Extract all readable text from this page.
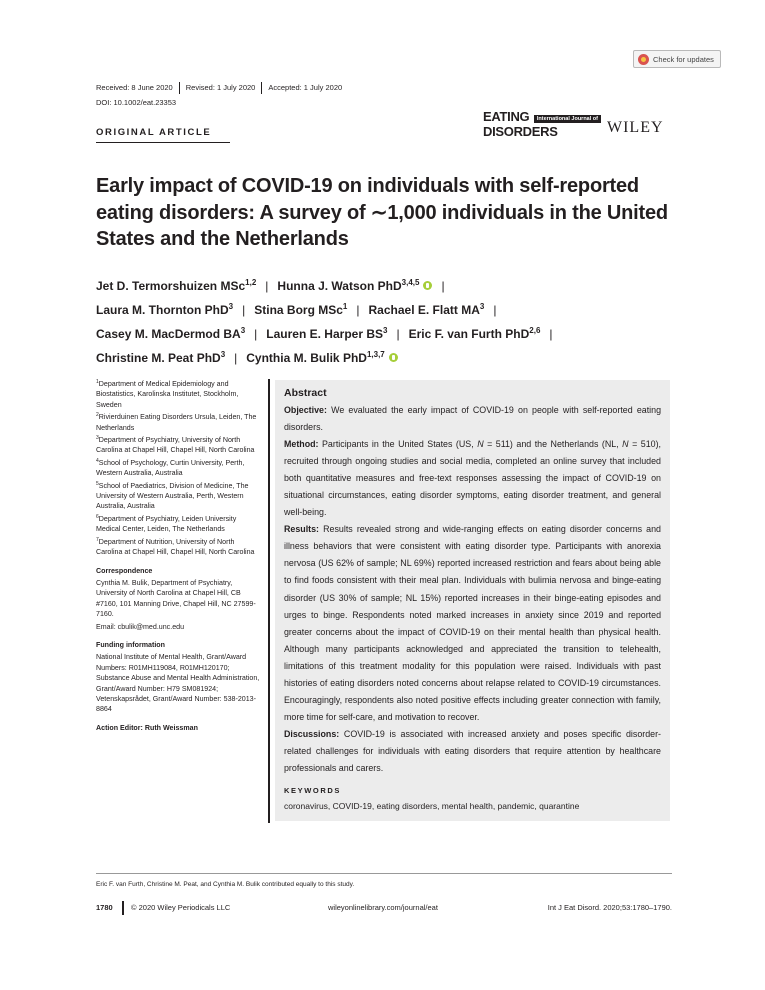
Check for updates
Received: 8 June 2020	Revised: 1 July 2020	Accepted: 1 July 2020
DOI: 10.1002/eat.23353
ORIGINAL ARTICLE
International Journal of
EATING DISORDERS	WILEY
Early impact of COVID-19 on individuals with self-reported eating disorders: A survey of ∼1,000 individuals in the United States and the Netherlands
Jet D. Termorshuizen MSc$^{1,2}$ | Hunna J. Watson PhD$^{3,4,5}$ |
Laura M. Thornton PhD$^3$ | Stina Borg MSc$^1$ | Rachael E. Flatt $MA^3$ |
Casey M. MacDermod $BA^3$ | Lauren E. Harper $BS^3$ | Eric F. van Furth PhD$^{2,6}$ |
Christine M. Peat PhD$^3$ | Cynthia M. Bulik PhD$^{1,3,7}$

$^1$Department of Medical Epidemiology and Biostatistics, Karolinska Institutet, Stockholm, Sweden

$^2$Rivierduinen Eating Disorders Ursula, Leiden, The Netherlands

$^3$Department of Psychiatry, University of North Carolina at Chapel Hill, Chapel Hill, North Carolina

$^4$School of Psychology, Curtin University, Perth, Western Australia, Australia

$^5$School of Paediatrics, Division of Medicine, The University of Western Australia, Perth, Western Australia, Australia

$^6$Department of Psychiatry, Leiden University Medical Center, Leiden, The Netherlands

$^7$Department of Nutrition, University of North Carolina at Chapel Hill, Chapel Hill, North Carolina

Correspondence

Cynthia M. Bulik, Department of Psychiatry, University of North Carolina at Chapel Hill, CB #7160, 101 Manning Drive, Chapel Hill, NC 27599-7160.

Email: cbulik@med.unc.edu

Funding information

National Institute of Mental Health, Grant/Award Numbers: R01MH119084, R01MH120170; Substance Abuse and Mental Health Administration, Grant/Award Number: H79 SM081924; Vetenskapsrådet, Grant/Award Number: 538-2013-8864

Action Editor: Ruth Weissman

Abstract

Objective: We evaluated the early impact of COVID-19 on people with self-reported eating disorders.

Method: Participants in the United States (US, N = 511) and the Netherlands (NL, N = 510), recruited through ongoing studies and social media, completed an online survey that included both quantitative measures and free-text responses assessing the impact of COVID-19 on situational circumstances, eating disorder symptoms, eating disorder treatment, and general well-being.

Results: Results revealed strong and wide-ranging effects on eating disorder concerns and illness behaviors that were consistent with eating disorder type. Participants with anorexia nervosa (US 62% of sample; NL 69%) reported increased restriction and fears about being able to find foods consistent with their meal plan. Individuals with bulimia nervosa and binge-eating disorder (US 30% of sample; NL 15%) reported increases in their binge-eating episodes and urges to binge. Respondents noted marked increases in anxiety since 2019 and reported greater concerns about the impact of COVID-19 on their mental health than physical health. Although many participants acknowledged and appreciated the transition to telehealth, limitations of this treatment modality for this population were raised. Individuals with past histories of eating disorders noted concerns about relapse related to COVID-19 circumstances. Encouragingly, respondents also noted positive effects including greater connection with family, more time for self-care, and motivation to recover.

Discussions: COVID-19 is associated with increased anxiety and poses specific disorder-related challenges for individuals with eating disorders that require attention by healthcare professionals and carers.

KEYWORDS
coronavirus, COVID-19, eating disorders, mental health, pandemic, quarantine
Eric F. van Furth, Christine M. Peat, and Cynthia M. Bulik contributed equally to this study.
1780 © 2020 Wiley Periodicals LLC	wileyonlinelibrary.com/journal/eat	Int J Eat Disord. 2020;53:1780–1790.
